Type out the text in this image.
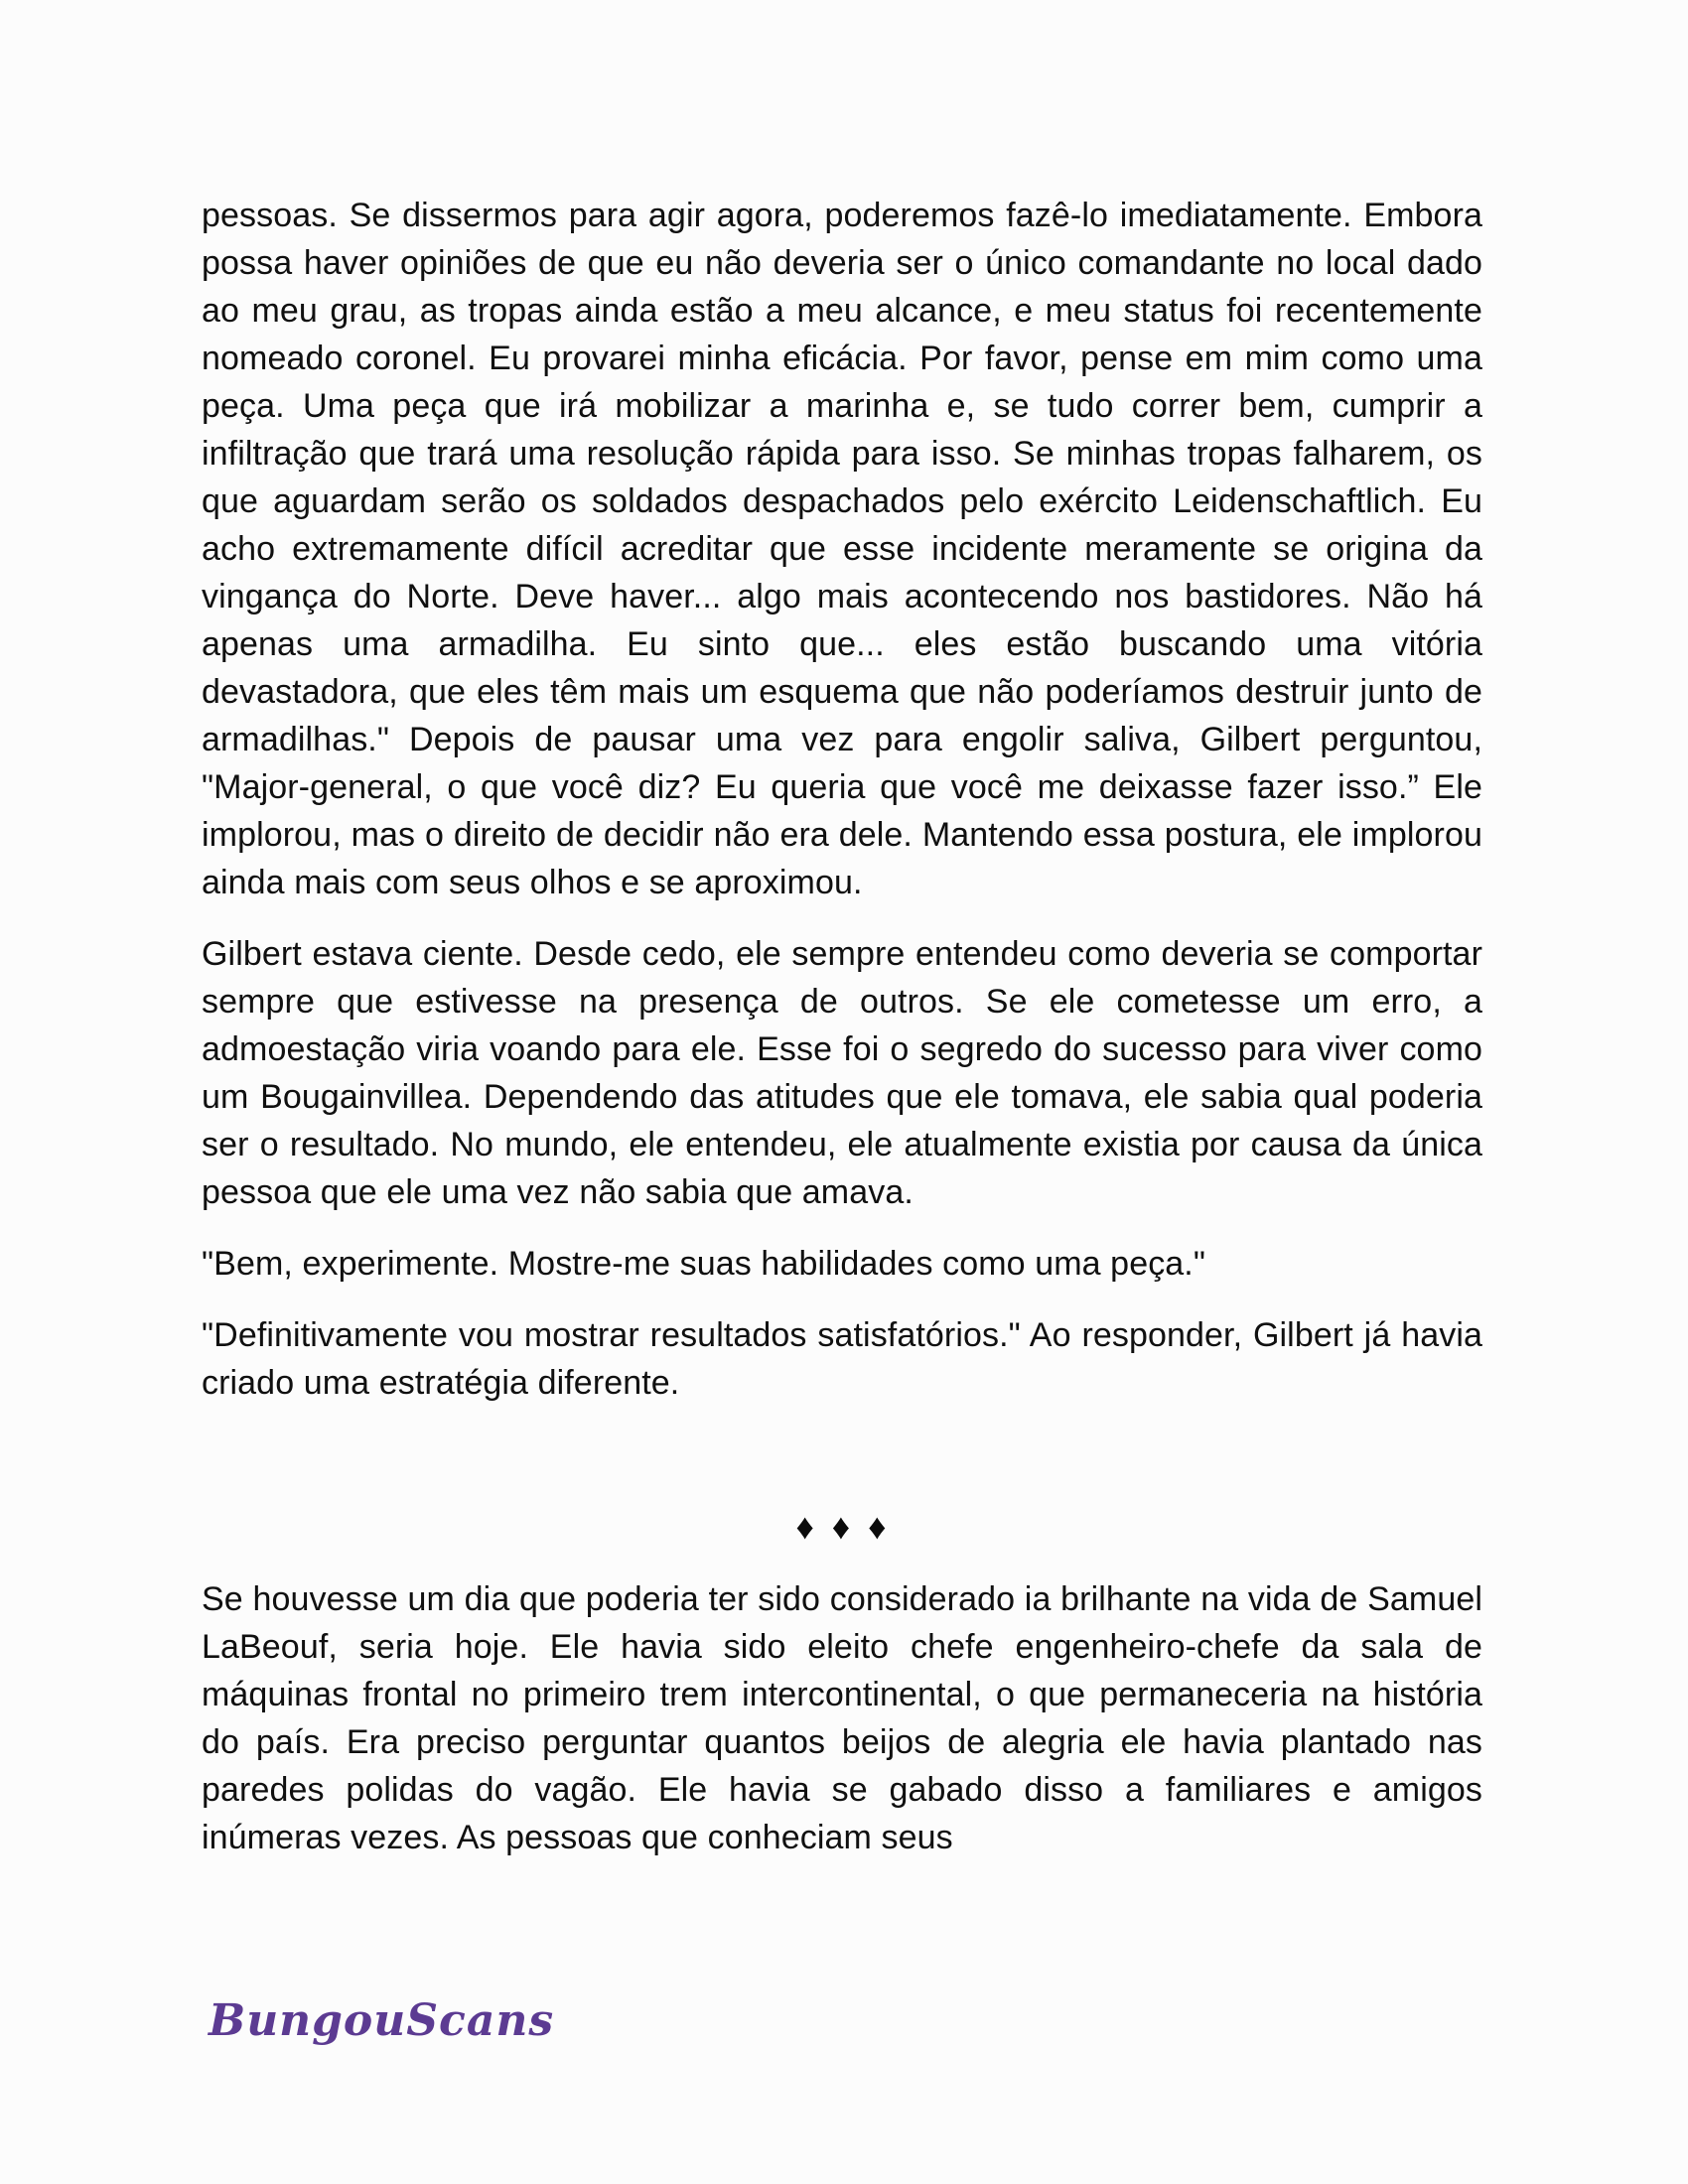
pessoas. Se dissermos para agir agora, poderemos fazê-lo imediatamente. Embora possa haver opiniões de que eu não deveria ser o único comandante no local dado ao meu grau, as tropas ainda estão a meu alcance, e meu status foi recentemente nomeado coronel. Eu provarei minha eficácia. Por favor, pense em mim como uma peça. Uma peça que irá mobilizar a marinha e, se tudo correr bem, cumprir a infiltração que trará uma resolução rápida para isso. Se minhas tropas falharem, os que aguardam serão os soldados despachados pelo exército Leidenschaftlich. Eu acho extremamente difícil acreditar que esse incidente meramente se origina da vingança do Norte. Deve haver... algo mais acontecendo nos bastidores. Não há apenas uma armadilha. Eu sinto que... eles estão buscando uma vitória devastadora, que eles têm mais um esquema que não poderíamos destruir junto de armadilhas." Depois de pausar uma vez para engolir saliva, Gilbert perguntou, "Major-general, o que você diz? Eu queria que você me deixasse fazer isso.” Ele implorou, mas o direito de decidir não era dele. Mantendo essa postura, ele implorou ainda mais com seus olhos e se aproximou.

Gilbert estava ciente. Desde cedo, ele sempre entendeu como deveria se comportar sempre que estivesse na presença de outros. Se ele cometesse um erro, a admoestação viria voando para ele. Esse foi o segredo do sucesso para viver como um Bougainvillea. Dependendo das atitudes que ele tomava, ele sabia qual poderia ser o resultado. No mundo, ele entendeu, ele atualmente existia por causa da única pessoa que ele uma vez não sabia que amava.

"Bem, experimente. Mostre-me suas habilidades como uma peça."

"Definitivamente vou mostrar resultados satisfatórios." Ao responder, Gilbert já havia criado uma estratégia diferente.

♦ ♦ ♦

Se houvesse um dia que poderia ter sido considerado ia brilhante na vida de Samuel LaBeouf, seria hoje. Ele havia sido eleito chefe engenheiro-chefe da sala de máquinas frontal no primeiro trem intercontinental, o que permaneceria na história do país. Era preciso perguntar quantos beijos de alegria ele havia plantado nas paredes polidas do vagão. Ele havia se gabado disso a familiares e amigos inúmeras vezes. As pessoas que conheciam seus

BungouScans
